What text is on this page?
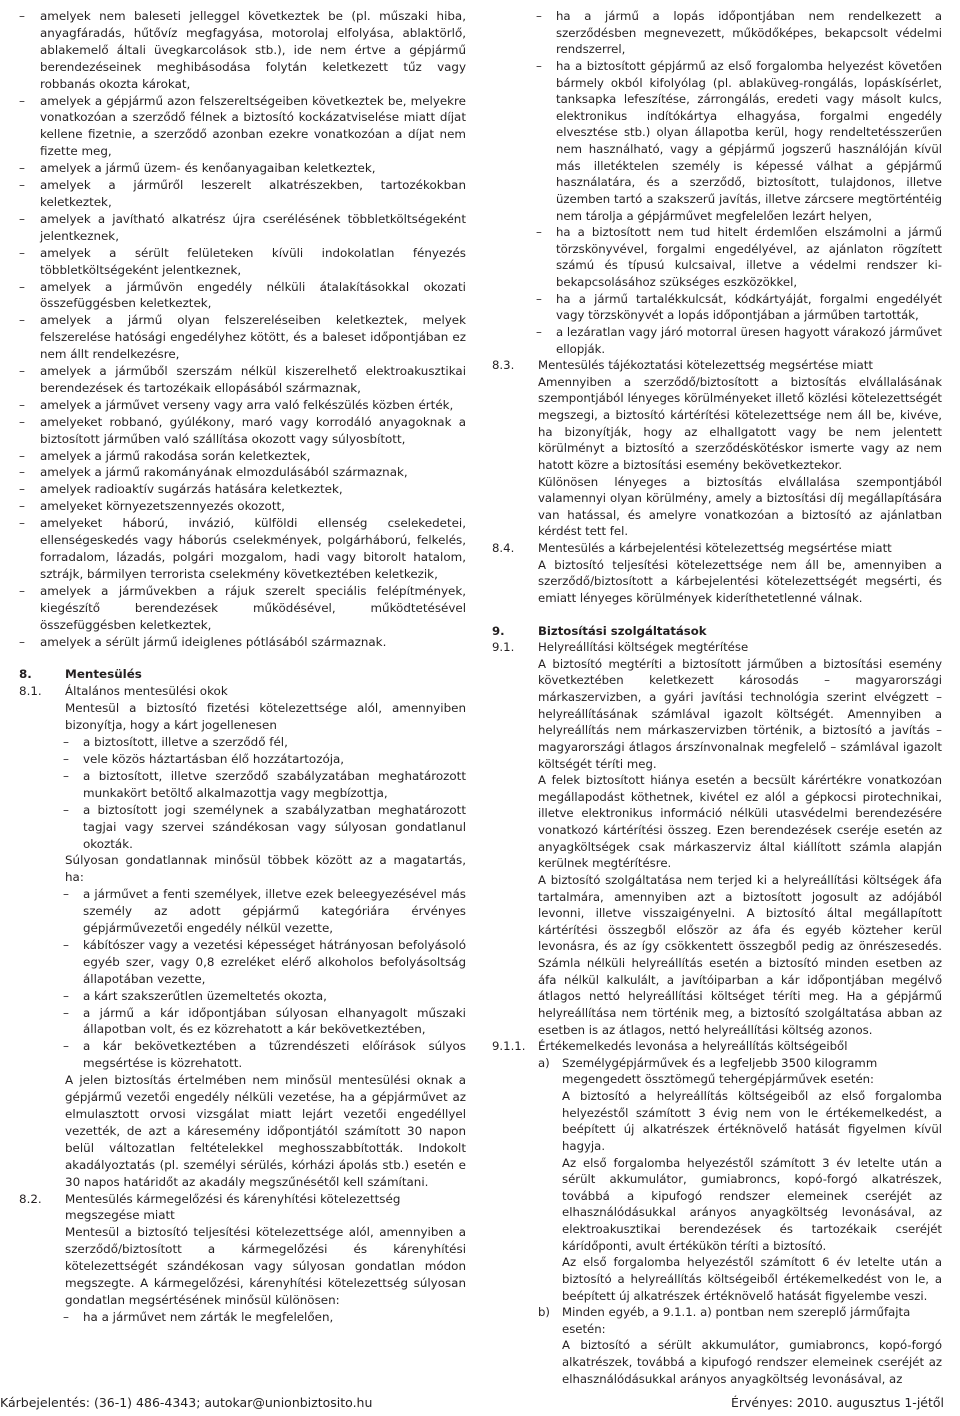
– amelyek nem baleseti jelleggel következtek be (pl. műszaki hiba, anyagfáradás, hűtővíz megfagyása, motorolaj elfolyása, ablaktörlő, ablakemelő általi üvegkarcolások stb.), ide nem értve a gépjármű berendezéseinek meghibásodása folytán keletkezett tűz vagy robbanás okozta károkat,
– amelyek a gépjármű azon felszereltségeiben következtek be, melyekre vonatkozóan a szerződő félnek a biztosító kockázatviselése miatt díjat kellene fizetnie, a szerződő azonban ezekre vonatkozóan a díjat nem fizette meg,
– amelyek a jármű üzem- és kenőanyagaiban keletkeztek,
– amelyek a járműről leszerelt alkatrészekben, tartozékokban keletkeztek,
– amelyek a javítható alkatrész újra cserélésének többletköltségeként jelentkeznek,
– amelyek a sérült felületeken kívüli indokolatlan fényezés többletköltségeként jelentkeznek,
– amelyek a járművön engedély nélküli átalakításokkal okozati összefüggésben keletkeztek,
– amelyek a jármű olyan felszereléseiben keletkeztek, melyek felszerelése hatósági engedélyhez kötött, és a baleset időpontjában ez nem állt rendelkezésre,
– amelyek a járműből szerszám nélkül kiszerelhető elektroakusztikai berendezések és tartozékaik ellopásából származnak,
– amelyek a járművet verseny vagy arra való felkészülés közben érték,
– amelyeket robbanó, gyúlékony, maró vagy korrodáló anyagoknak a biztosított járműben való szállítása okozott vagy súlyosbított,
– amelyek a jármű rakodása során keletkeztek,
– amelyek a jármű rakományának elmozdulásából származnak,
– amelyek radioaktív sugárzás hatására keletkeztek,
– amelyeket környezetszennyezés okozott,
– amelyeket háború, invázió, külföldi ellenség cselekedetei, ellenségeskedés vagy háborús cselekmények, polgárháború, felkelés, forradalom, lázadás, polgári mozgalom, hadi vagy bitorolt hatalom, sztrájk, bármilyen terrorista cselekmény következtében keletkezik,
– amelyek a járművekben a rájuk szerelt speciális felépítmények, kiegészítő berendezések működésével, működtetésével összefüggésben keletkeztek,
– amelyek a sérült jármű ideiglenes pótlásából származnak.
8.	Mentesülés
8.1. Általános mentesülési okok
Mentesül a biztosító fizetési kötelezettsége alól, amennyiben bizonyítja, hogy a kárt jogellenesen
– a biztosított, illetve a szerződő fél,
– vele közös háztartásban élő hozzátartozója,
– a biztosított, illetve szerződő szabályzatában meghatározott munkakört betöltő alkalmazottja vagy megbízottja,
– a biztosított jogi személynek a szabályzatban meghatározott tagjai vagy szervei szándékosan vagy súlyosan gondatlanul okozták.
Súlyosan gondatlannak minősül többek között az a magatartás, ha:
– a járművet a fenti személyek, illetve ezek beleegyezésével más személy az adott gépjármű kategóriára érvényes gépjárművezetői engedély nélkül vezette,
– kábítószer vagy a vezetési képességet hátrányosan befolyásoló egyéb szer, vagy 0,8 ezreléket elérő alkoholos befolyásoltság állapotában vezette,
– a kárt szakszerűtlen üzemeltetés okozta,
– a jármű a kár időpontjában súlyosan elhanyagolt műszaki állapotban volt, és ez közrehatott a kár bekövetkeztében,
– a kár bekövetkeztében a tűzrendészeti előírások súlyos megsértése is közrehatott.
A jelen biztosítás értelmében nem minősül mentesülési oknak a gépjármű vezetői engedély nélküli vezetése, ha a gépjárművet az elmulasztott orvosi vizsgálat miatt lejárt vezetői engedéllyel vezették, de azt a káresemény időpontjától számított 30 napon belül változatlan feltételekkel meghosszabbították. Indokolt akadályoztatás (pl. személyi sérülés, kórházi ápolás stb.) esetén e 30 napos határidőt az akadály megszűnésétől kell számítani.
8.2. Mentesülés kármegelőzési és kárenyhítési kötelezettség megszegése miatt
Mentesül a biztosító teljesítési kötelezettsége alól, amennyiben a szerződő/biztosított a kármegelőzési és kárenyhítési kötelezettségét szándékosan vagy súlyosan gondatlan módon megszegte. A kármegelőzési, kárenyhítési kötelezettség súlyosan gondatlan megsértésének minősül különösen:
– ha a járművet nem zárták le megfelelően,
– ha a jármű a lopás időpontjában nem rendelkezett a szerződésben megnevezett, működőképes, bekapcsolt védelmi rendszerrel,
– ha a biztosított gépjármű az első forgalomba helyezést követően bármely okból kifolyólag (pl. ablaküveg-rongálás, lopáskísérlet, tanksapka lefeszítése, zárrongálás, eredeti vagy másolt kulcs, elektronikus indítókártya elhagyása, forgalmi engedély elvesztése stb.) olyan állapotba kerül, hogy rendeltetésszerűen nem használható, vagy a gépjármű jogszerű használóján kívül más illetéktelen személy is képessé válhat a gépjármű használatára, és a szerződő, biztosított, tulajdonos, illetve üzemben tartó a szakszerű javítás, illetve zárcsere megtörténtéig nem tárolja a gépjárművet megfelelően lezárt helyen,
– ha a biztosított nem tud hitelt érdemlően elszámolni a jármű törzskönyvével, forgalmi engedélyével, az ajánlaton rögzített számú és típusú kulcsaival, illetve a védelmi rendszer ki-bekapcsolásához szükséges eszközökkel,
– ha a jármű tartalékkulcsát, kódkártyáját, forgalmi engedélyét vagy törzskönyvét a lopás időpontjában a járműben tartották,
– a lezáratlan vagy járó motorral üresen hagyott várakozó járművet ellopják.
8.3. Mentesülés tájékoztatási kötelezettség megsértése miatt
Amennyiben a szerződő/biztosított a biztosítás elvállalásának szempontjából lényeges körülményeket illető közlési kötelezettségét megszegi, a biztosító kártérítési kötelezettsége nem áll be, kivéve, ha bizonyítják, hogy az elhallgatott vagy be nem jelentett körülményt a biztosító a szerződéskötéskor ismerte vagy az nem hatott közre a biztosítási esemény bekövetkeztekor.
Különösen lényeges a biztosítás elvállalása szempontjából valamennyi olyan körülmény, amely a biztosítási díj megállapítására van hatással, és amelyre vonatkozóan a biztosító az ajánlatban kérdést tett fel.
8.4. Mentesülés a kárbejelentési kötelezettség megsértése miatt
A biztosító teljesítési kötelezettsége nem áll be, amennyiben a szerződő/biztosított a kárbejelentési kötelezettségét megsérti, és emiatt lényeges körülmények kideríthetetlenné válnak.
9.	Biztosítási szolgáltatások
9.1. Helyreállítási költségek megtérítése
A biztosító megtéríti a biztosított járműben a biztosítási esemény következtében keletkezett károsodás – magyarországi márkaszervizben, a gyári javítási technológia szerint elvégzett – helyreállításának számlával igazolt költségét. Amennyiben a helyreállítás nem márkaszervizben történik, a biztosító a javítás – magyarországi átlagos árszínvonalnak megfelelő – számlával igazolt költségét téríti meg.
A felek biztosított hiánya esetén a becsült kárértékre vonatkozóan megállapodást köthetnek, kivétel ez alól a gépkocsi pirotechnikai, illetve elektronikus információ nélküli utasvédelmi berendezésére vonatkozó kártérítési összeg. Ezen berendezések cseréje esetén az anyagköltségek csak márkaszerviz által kiállított számla alapján kerülnek megtérítésre.
A biztosító szolgáltatása nem terjed ki a helyreállítási költségek áfa tartalmára, amennyiben azt a biztosított jogosult az adójából levonni, illetve visszaigényelni. A biztosító által megállapított kártérítési összegből először az áfa és egyéb közteher kerül levonásra, és az így csökkentett összegből pedig az önrészesedés. Számla nélküli helyreállítás esetén a biztosító minden esetben az áfa nélkül kalkulált, a javítóiparban a kár időpontjában megélvő átlagos nettó helyreállítási költséget téríti meg. Ha a gépjármű helyreállítása nem történik meg, a biztosító szolgáltatása abban az esetben is az átlagos, nettó helyreállítási költség azonos.
9.1.1. Értékemelkedés levonása a helyreállítás költségeiből
a) Személygépjárművek és a legfeljebb 3500 kilogramm megengedett össztömegű tehergépjárművek esetén:
A biztosító a helyreállítás költségeiből az első forgalomba helyezéstől számított 3 évig nem von le értékemelkedést, a beépített új alkatrészek értéknövelő hatását figyelmen kívül hagyja.
Az első forgalomba helyezéstől számított 3 év letelte után a sérült akkumulátor, gumiabroncs, kopó-forgó alkatrészek, továbbá a kipufogó rendszer elemeinek cseréjét az elhasználódásukkal arányos anyagköltség levonásával, az elektroakusztikai berendezések és tartozékaik cseréjét kárídőponti, avult értékükön téríti a biztosító.
Az első forgalomba helyezéstől számított 6 év letelte után a biztosító a helyreállítás költségeiből értékemelkedést von le, a beépített új alkatrészek értéknövelő hatását figyelembe veszi.
b) Minden egyéb, a 9.1.1. a) pontban nem szereplő járműfajta esetén:
A biztosító a sérült akkumulátor, gumiabroncs, kopó-forgó alkatrészek, továbbá a kipufogó rendszer elemeinek cseréjét az elhasználódásukkal arányos anyagköltség levonásával, az
Kárbejelentés: (36-1) 486-4343; autokar@unionbiztosito.hu	Érvényes: 2010. augusztus 1-jétől
